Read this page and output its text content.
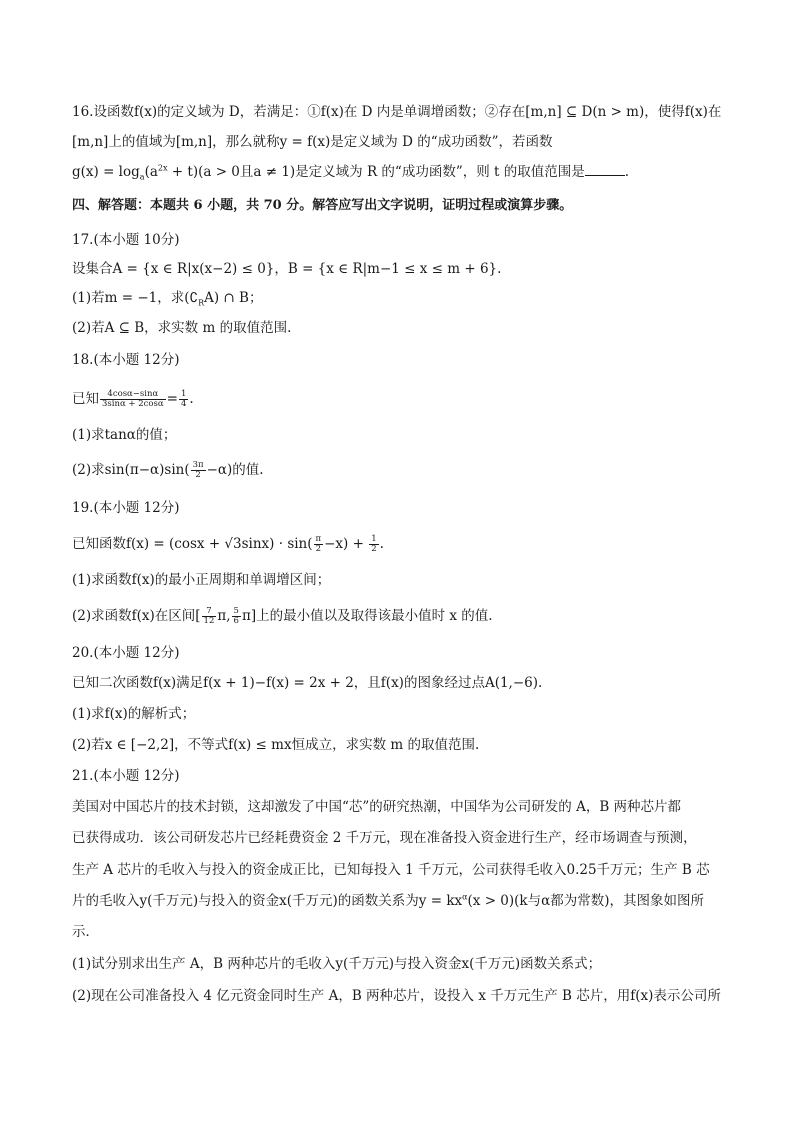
16.设函数f(x)的定义域为 D，若满足：①f(x)在 D 内是单调增函数；②存在[m,n] ⊆ D(n > m)，使得f(x)在
[m,n]上的值域为[m,n]，那么就称y = f(x)是定义域为 D 的“成功函数”，若函数
$g(x) = \log_a(a^{2x} + t)(a > 0$且a ≠ 1)是定义域为 R 的“成功函数”，则 t 的取值范围是	.
四、解答题：本题共 6 小题，共 70 分。解答应写出文字说明，证明过程或演算步骤。
17.(本小题 10分)
设集合A = {x ∈ R|x(x−2) ≤ 0}，B = {x ∈ R|m−1 ≤ x ≤ m + 6}.
(1)若m = −1，求$(∁_RA)$ ∩ B；
(2)若A ⊆ B，求实数 m 的取值范围.
18.(本小题 12分)
已知 $\frac{4\cos\alpha-\sin\alpha}{3\sin\alpha + 2\cos\alpha} = \frac{1}{4}$ .
(1)求tanα的值；
(2)求$\sin(\pi-\alpha)\sin( \frac{3\pi}{2} -\alpha)$的值.
19.(本小题 12分)
已知函数$f(x) = (\cos x + √3\sin x) \cdot \sin( \frac{\pi}{2} -x) + \frac{1}{2}$ .
(1)求函数f(x)的最小正周期和单调增区间；
(2)求函数f(x)在区间[ $\frac{7}{12} \pi$, $\frac{5}{6} \pi$]上的最小值以及取得该最小值时 x 的值.
20.(本小题 12分)
已知二次函数f(x)满足f(x + 1)−f(x) = 2x + 2，且f(x)的图象经过点A(1,−6).
(1)求f(x)的解析式；
(2)若x ∈ [−2,2]，不等式f(x) ≤ mx恒成立，求实数 m 的取值范围.
21.(本小题 12分)
美国对中国芯片的技术封锁，这却激发了中国“芯”的研究热潮，中国华为公司研发的 A，B 两种芯片都
已获得成功．该公司研发芯片已经耗费资金 2 千万元，现在准备投入资金进行生产，经市场调查与预测，
生产 A 芯片的毛收入与投入的资金成正比，已知每投入 1 千万元，公司获得毛收入0.25千万元；生产 B 芯
片的毛收入y(千万元)与投入的资金x(千万元)的函数关系为$y = kx^\alpha(x > 0)(k$与α都为常数)，其图象如图所
示．
(1)试分别求出生产 A，B 两种芯片的毛收入y(千万元)与投入资金x(千万元)函数关系式；
(2)现在公司准备投入 4 亿元资金同时生产 A，B 两种芯片，设投入 x 千万元生产 B 芯片，用f(x)表示公司所
